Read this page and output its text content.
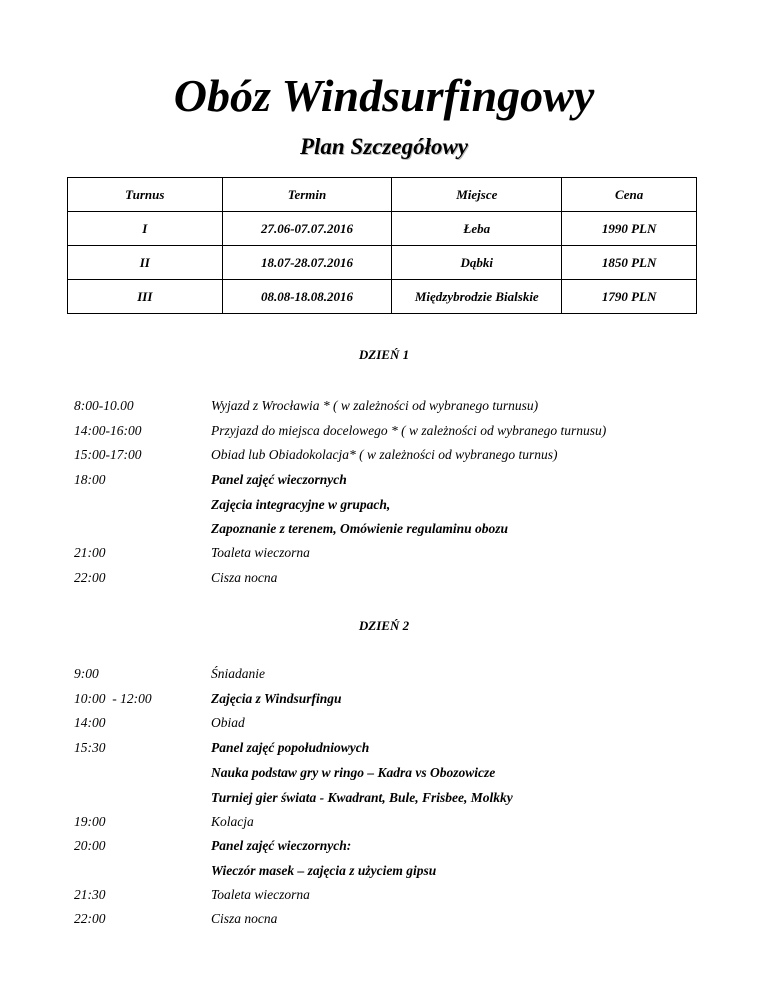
Obóz Windsurfingowy
Plan Szczegółowy
Turnus	Termin	Miejsce	Cena
I	27.06-07.07.2016	Łeba	1990 PLN
II	18.07-28.07.2016	Dąbki	1850 PLN
III	08.08-18.08.2016	Międzybrodzie Bialskie	1790 PLN
DZIEŃ 1
8:00-10.00	Wyjazd z Wrocławia * ( w zależności od wybranego turnusu)
14:00-16:00	Przyjazd do miejsca docelowego * ( w zależności od wybranego turnusu)
15:00-17:00	Obiad lub Obiadokolacja* ( w zależności od wybranego turnus)
18:00	Panel zajęć wieczornych
Zajęcia integracyjne w grupach,
Zapoznanie z terenem, Omówienie regulaminu obozu
21:00	Toaleta wieczorna
22:00	Cisza nocna
DZIEŃ 2
9:00	Śniadanie
10:00  - 12:00	Zajęcia z Windsurfingu
14:00	Obiad
15:30	Panel zajęć popołudniowych
Nauka podstaw gry w ringo – Kadra vs Obozowicze
Turniej gier świata - Kwadrant, Bule, Frisbee, Molkky
19:00	Kolacja
20:00	Panel zajęć wieczornych:
Wieczór masek – zajęcia z użyciem gipsu
21:30	Toaleta wieczorna
22:00	Cisza nocna
